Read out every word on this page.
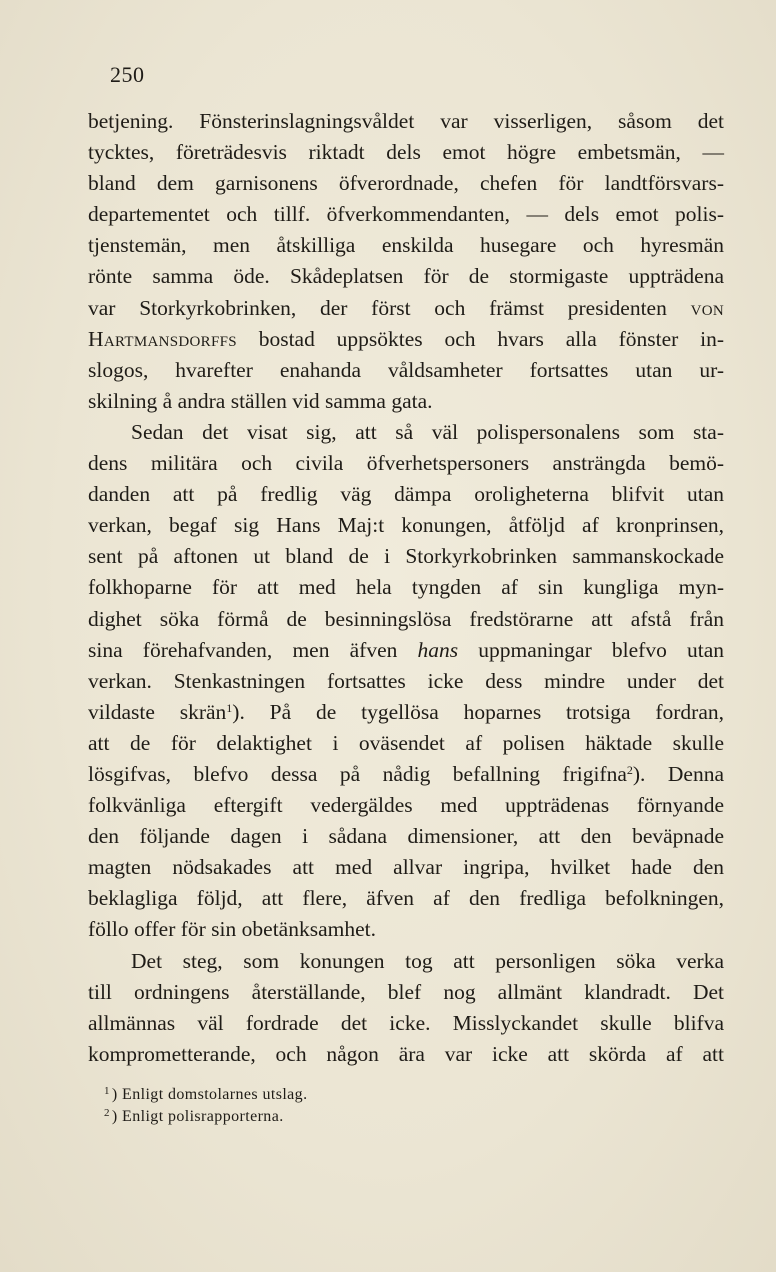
250
betjening. Fönsterinslagningsvåldet var visserligen, såsom det
tycktes, företrädesvis riktadt dels emot högre embetsmän, —
bland dem garnisonens öfverordnade, chefen för landtförsvars-
departementet och tillf. öfverkommendanten, — dels emot polis-
tjenstemän, men åtskilliga enskilda husegare och hyresmän
rönte samma öde. Skådeplatsen för de stormigaste uppträdena
var Storkyrkobrinken, der först och främst presidenten von
Hartmansdorffs bostad uppsöktes och hvars alla fönster in-
slogos, hvarefter enahanda våldsamheter fortsattes utan ur-
skilning å andra ställen vid samma gata.
Sedan det visat sig, att så väl polispersonalens som sta-
dens militära och civila öfverhetspersoners ansträngda bemö-
danden att på fredlig väg dämpa oroligheterna blifvit utan
verkan, begaf sig Hans Maj:t konungen, åtföljd af kronprinsen,
sent på aftonen ut bland de i Storkyrkobrinken sammanskockade
folkhoparne för att med hela tyngden af sin kungliga myn-
dighet söka förmå de besinningslösa fredstörarne att afstå från
sina förehafvanden, men äfven hans uppmaningar blefvo utan
verkan. Stenkastningen fortsattes icke dess mindre under det
vildaste skrän$^1$). På de tygellösa hoparnes trotsiga fordran,
att de för delaktighet i oväsendet af polisen häktade skulle
lösgifvas, blefvo dessa på nådig befallning frigifna$^2$). Denna
folkvänliga eftergift vedergäldes med uppträdenas förnyande
den följande dagen i sådana dimensioner, att den beväpnade
magten nödsakades att med allvar ingripa, hvilket hade den
beklagliga följd, att flere, äfven af den fredliga befolkningen,
föllo offer för sin obetänksamhet.
Det steg, som konungen tog att personligen söka verka
till ordningens återställande, blef nog allmänt klandradt. Det
allmännas väl fordrade det icke. Misslyckandet skulle blifva
komprometterande, och någon ära var icke att skörda af att
$^1$ ) Enligt domstolarnes utslag.
$^2$ ) Enligt polisrapporterna.
